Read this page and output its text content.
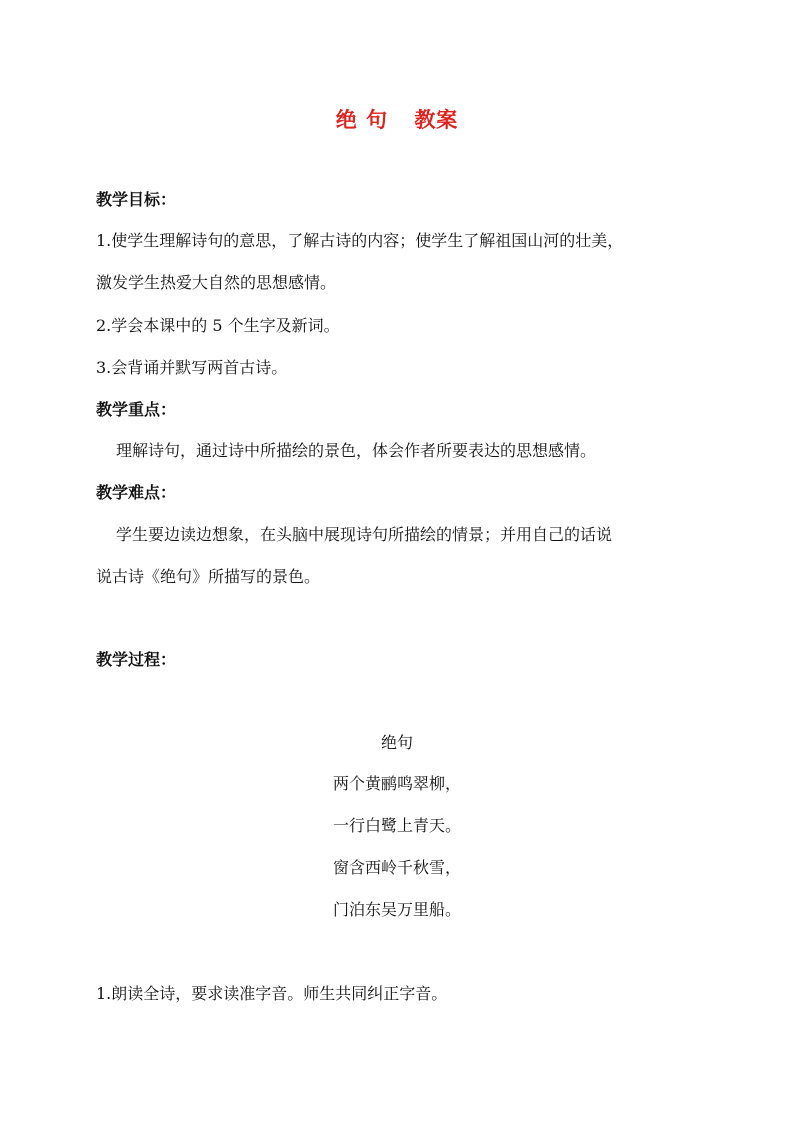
绝 句 教案
教学目标：
1.使学生理解诗句的意思，了解古诗的内容；使学生了解祖国山河的壮美，
激发学生热爱大自然的思想感情。
2.学会本课中的 5 个生字及新词。
3.会背诵并默写两首古诗。
教学重点：
理解诗句，通过诗中所描绘的景色，体会作者所要表达的思想感情。
教学难点：
学生要边读边想象，在头脑中展现诗句所描绘的情景；并用自己的话说
说古诗《绝句》所描写的景色。
教学过程：
绝句
两个黄鹂鸣翠柳，
一行白鹭上青天。
窗含西岭千秋雪，
门泊东吴万里船。
1.朗读全诗，要求读准字音。师生共同纠正字音。
